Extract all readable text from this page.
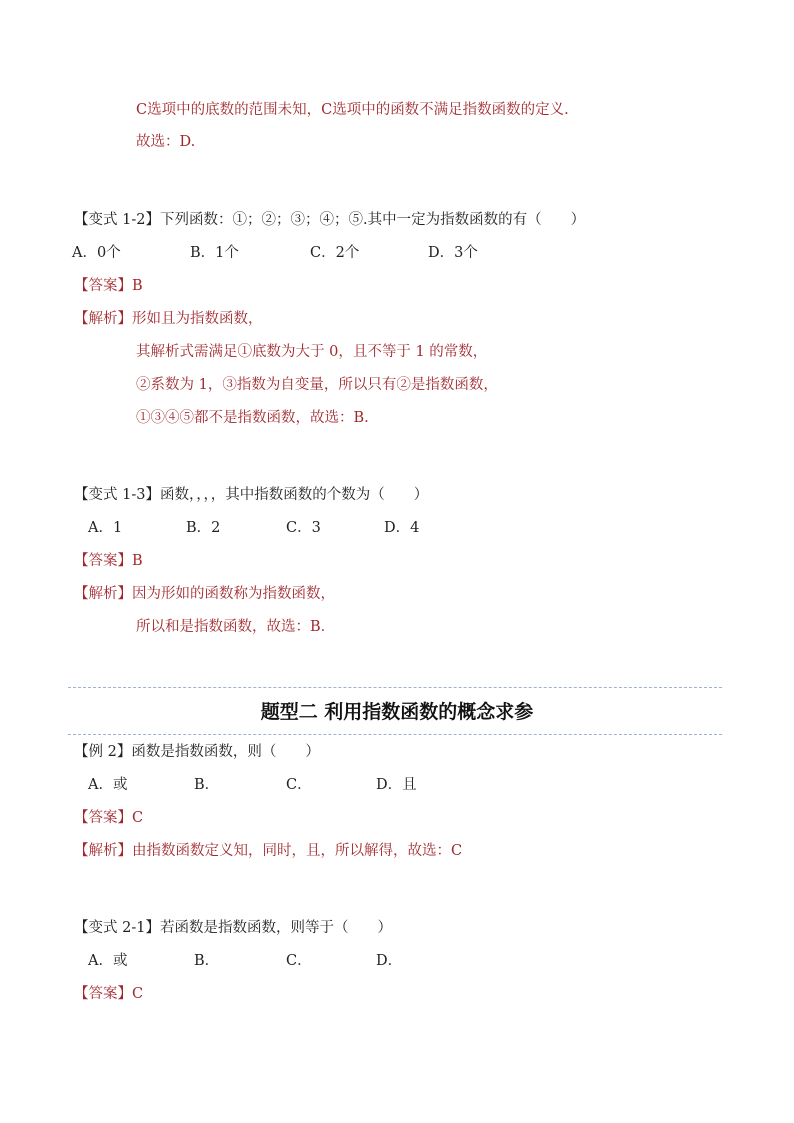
C选项中的底数的范围未知，C选项中的函数不满足指数函数的定义.
故选：D.
【变式 1-2】下列函数：①；②；③；④；⑤.其中一定为指数函数的有（　　）
A．0个	B．1个	C．2个	D．3个
【答案】B
【解析】形如且为指数函数，
其解析式需满足①底数为大于 0，且不等于 1 的常数，
②系数为 1，③指数为自变量，所以只有②是指数函数，
①③④⑤都不是指数函数，故选：B.
【变式 1-3】函数，，，，其中指数函数的个数为（　　）
A．1	B．2	C．3	D．4
【答案】B
【解析】因为形如的函数称为指数函数，
所以和是指数函数，故选：B．
题型二 利用指数函数的概念求参
【例 2】函数是指数函数，则（　　）
A．或	B．	C．	D．且
【答案】C
【解析】由指数函数定义知，同时，且，所以解得，故选：C
【变式 2-1】若函数是指数函数，则等于（　　）
A．或	B．	C．	D．
【答案】C
